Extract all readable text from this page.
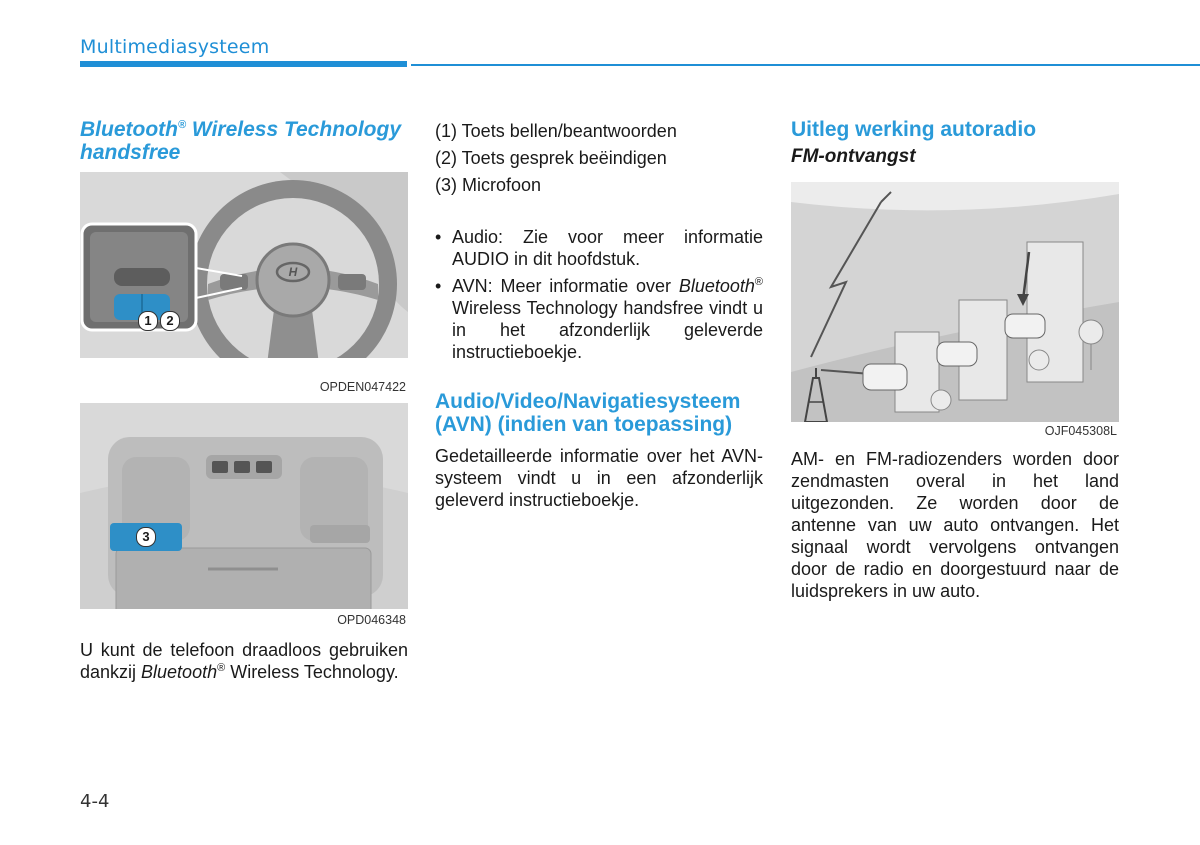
Multimediasysteem
Bluetooth® Wireless Technology
handsfree
H
1	2
OPDEN047422
3
OPD046348
U kunt de telefoon draadloos gebruiken dankzij Bluetooth® Wireless Technology.
(1) Toets bellen/beantwoorden
(2) Toets gesprek beëindigen
(3) Microfoon
• Audio: Zie voor meer informatie AUDIO in dit hoofdstuk.
• AVN: Meer informatie over Bluetooth® Wireless Technology handsfree vindt u in het afzonderlijk geleverde instructieboekje.
Audio/Video/Navigatiesysteem
(AVN) (indien van toepassing)
Gedetailleerde informatie over het AVN-systeem vindt u in een afzonderlijk geleverd instructieboekje.
Uitleg werking autoradio
FM-ontvangst
OJF045308L
AM- en FM-radiozenders worden door zendmasten overal in het land uitgezonden. Ze worden door de antenne van uw auto ontvangen. Het signaal wordt vervolgens ontvangen door de radio en doorgestuurd naar de luidsprekers in uw auto.
4-4
